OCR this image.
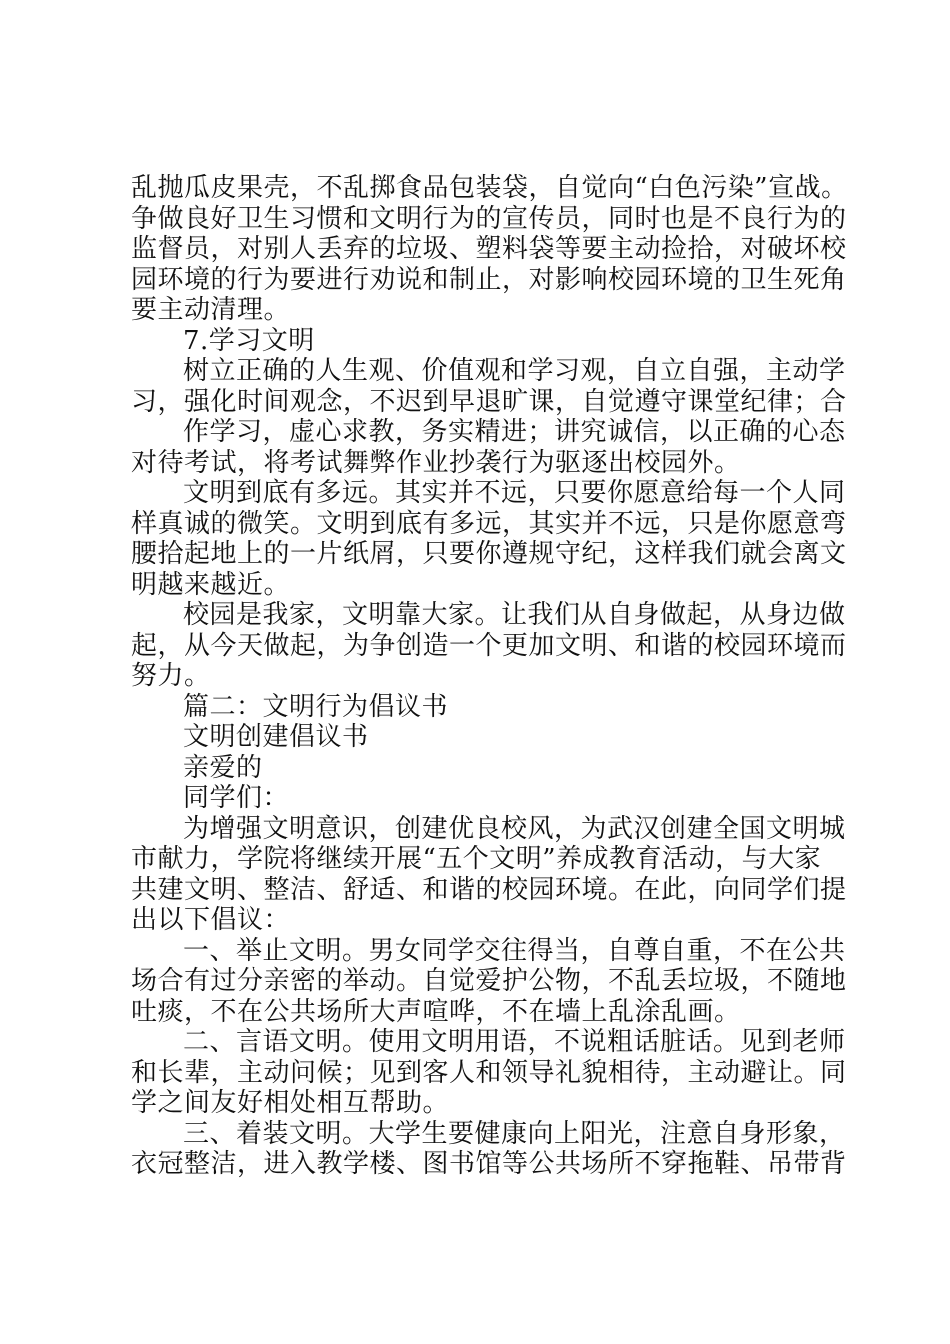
乱抛瓜皮果壳，不乱掷食品包装袋，自觉向“白色污染”宣战。
争做良好卫生习惯和文明行为的宣传员，同时也是不良行为的
监督员，对别人丢弃的垃圾、塑料袋等要主动捡拾，对破坏校
园环境的行为要进行劝说和制止，对影响校园环境的卫生死角
要主动清理。
7.学习文明
树立正确的人生观、价值观和学习观，自立自强，主动学
习，强化时间观念，不迟到早退旷课，自觉遵守课堂纪律；合
作学习，虚心求教，务实精进；讲究诚信，以正确的心态
对待考试，将考试舞弊作业抄袭行为驱逐出校园外。
文明到底有多远。其实并不远，只要你愿意给每一个人同
样真诚的微笑。文明到底有多远，其实并不远，只是你愿意弯
腰拾起地上的一片纸屑，只要你遵规守纪，这样我们就会离文
明越来越近。
校园是我家，文明靠大家。让我们从自身做起，从身边做
起，从今天做起，为争创造一个更加文明、和谐的校园环境而
努力。
篇二：文明行为倡议书
文明创建倡议书
亲爱的
同学们：
为增强文明意识，创建优良校风，为武汉创建全国文明城
市献力，学院将继续开展“五个文明”养成教育活动，与大家
共建文明、整洁、舒适、和谐的校园环境。在此，向同学们提
出以下倡议：
一、举止文明。男女同学交往得当，自尊自重，不在公共
场合有过分亲密的举动。自觉爱护公物，不乱丢垃圾，不随地
吐痰，不在公共场所大声喧哗，不在墙上乱涂乱画。
二、言语文明。使用文明用语，不说粗话脏话。见到老师
和长辈，主动问候；见到客人和领导礼貌相待，主动避让。同
学之间友好相处相互帮助。
三、着装文明。大学生要健康向上阳光，注意自身形象，
衣冠整洁，进入教学楼、图书馆等公共场所不穿拖鞋、吊带背
